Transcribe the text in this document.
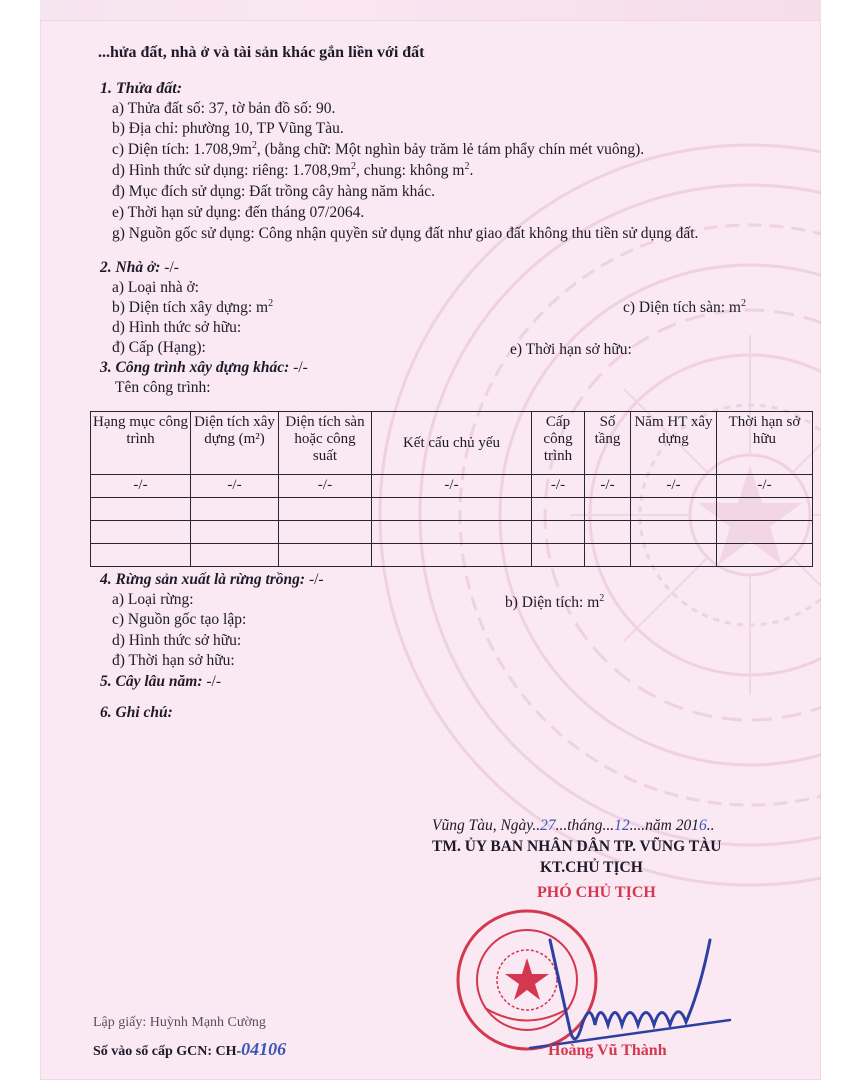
...hửa đất, nhà ở và tài sản khác gắn liền với đất
1. Thửa đất:
a) Thửa đất số: 37, tờ bản đồ số: 90.
b) Địa chỉ: phường 10, TP Vũng Tàu.
c) Diện tích: $1.708,9m^2$, (bằng chữ: Một nghìn bảy trăm lẻ tám phẩy chín mét vuông).
d) Hình thức sử dụng: riêng: $1.708,9m^2$, chung: không $m^2$.
đ) Mục đích sử dụng: Đất trồng cây hàng năm khác.
e) Thời hạn sử dụng: đến tháng 07/2064.
g) Nguồn gốc sử dụng: Công nhận quyền sử dụng đất như giao đất không thu tiền sử dụng đất.
2. Nhà ở: -/-
a) Loại nhà ở:
b) Diện tích xây dựng: $m^2$	c) Diện tích sàn: $m^2$
d) Hình thức sở hữu:
đ) Cấp (Hạng):	e) Thời hạn sở hữu:
3. Công trình xây dựng khác: -/-
Tên công trình:
Hạng mục công trình	Diện tích xây dựng (m²)	Diện tích sàn hoặc công suất	Kết cấu chủ yếu	Cấp công trình	Số tầng	Năm HT xây dựng	Thời hạn sở hữu
-/-	-/-	-/-	-/-	-/-	-/-	-/-	-/-

4. Rừng sản xuất là rừng trồng: -/-
a) Loại rừng:	b) Diện tích: $m^2$
c) Nguồn gốc tạo lập:
d) Hình thức sở hữu:
đ) Thời hạn sở hữu:
5. Cây lâu năm: -/-
6. Ghi chú:
Vũng Tàu, Ngày..27...tháng...12....năm 2016..
TM. ỦY BAN NHÂN DÂN TP. VŨNG TÀU
KT.CHỦ TỊCH
PHÓ CHỦ TỊCH
Hoàng Vũ Thành
Lập giấy: Huỳnh Mạnh Cường
Số vào sổ cấp GCN: CH-04106
